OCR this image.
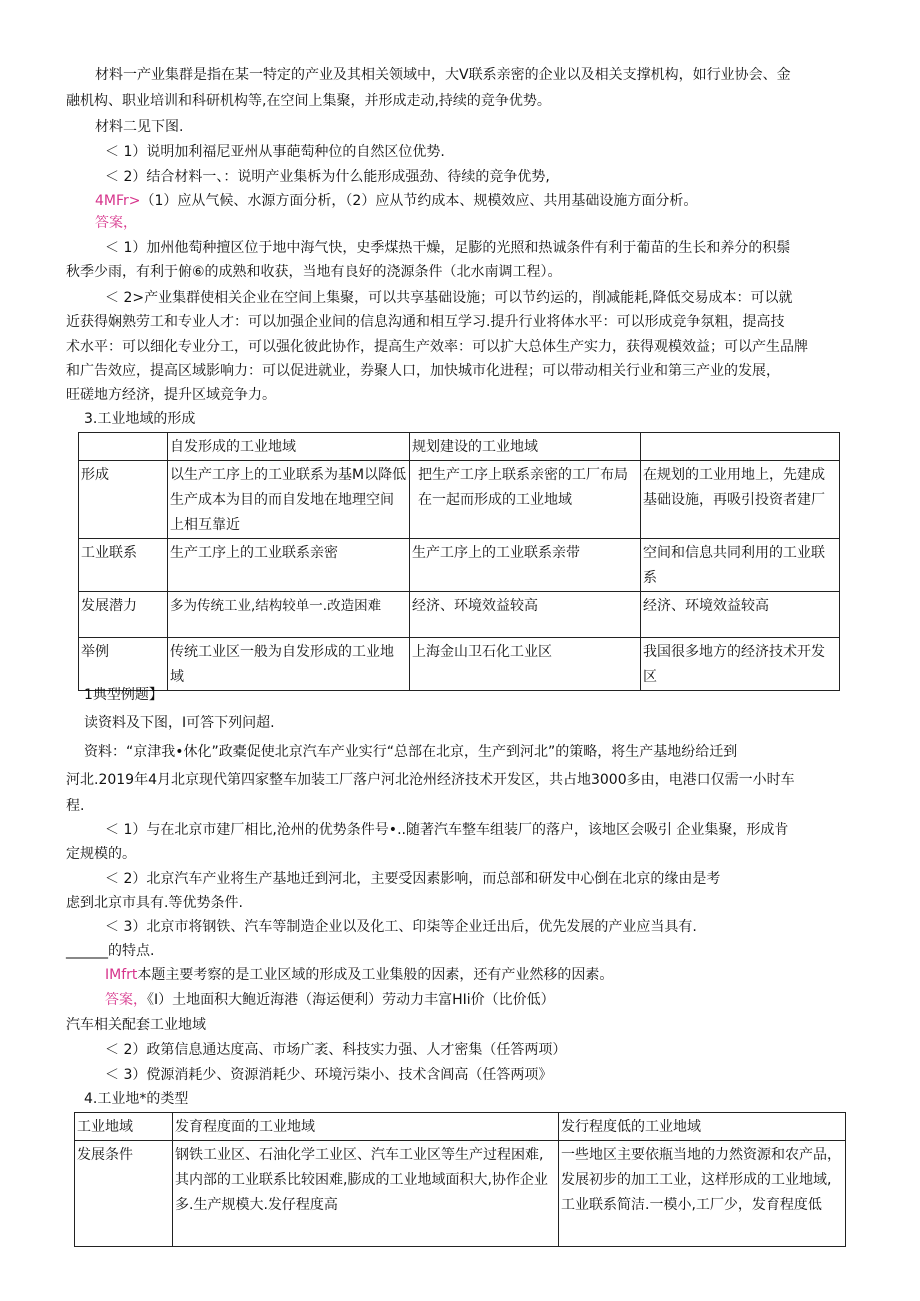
材料一产业集群是指在某一特定的产业及其相关领域中，大V联系亲密的企业以及相关支撑机构，如行业协会、金
融机构、职业培训和科研机构等,在空间上集聚，并形成走动,持续的竞争优势。
材料二见下图.
＜ 1）说明加利福尼亚州从事葩萄种位的自然区位优势.
＜ 2）结合材料一、：说明产业集柝为什么能形成强劲、待续的竞争优势,
4MFr>（1）应从气候、水源方面分析，（2）应从节约成本、规模效应、共用基础设施方面分析。
答案，
＜ 1）加州他萄种擅区位于地中海气快，史季煤热干燥，足膨的光照和热诚条件有利于葡苗的生长和养分的积鬃
秋季少雨，有利于俯⑥的成熟和收获，当地有良好的浇源条件（北水南调工程）。
＜ 2>产业集群使相关企业在空间上集聚，可以共享基础设施；可以节约运的，削减能耗,降低交易成本：可以就
近获得娴熟劳工和专业人才：可以加强企业间的信息沟通和相互学习.提升行业将体水平：可以形成竞争氛粗，提高技
术水平：可以细化专业分工，可以强化彼此协作，提高生产效率：可以扩大总体生产实力，获得观模效益；可以产生品牌
和广告效应，提高区域影响力：可以促进就业，券聚人口，加快城市化进程；可以带动相关行业和第三产业的发展，
旺磋地方经济，提升区域竞争力。
3.工业地域的形成
	自发形成的工业地域	规划建设的工业地域	
形成	以生产工序上的工业联系为基M以降低生产成本为目的而自发地在地理空间上相互靠近	把生产工序上联系亲密的工厂布局在一起而形成的工业地域	在规划的工业用地上，先建成基础设施，再吸引投资者建厂
工业联系	生产工序上的工业联系亲密	生产工序上的工业联系亲带	空间和信息共同利用的工业联系
发展潜力	多为传统工业,结构较单一.改造困难	经济、环境效益较高	经济、环境效益较高
举例	传统工业区一般为自发形成的工业地域	上海金山卫石化工业区	我国很多地方的经济技术开发区
1典型例题】
读资料及下图，I可答下列问超.
资料：“京津我•休化”政橐促使北京汽车产业实行“总部在北京，生产到河北”的策略，将生产基地纷给迁到
河北.2019年4月北京现代第四家整车加装工厂落户河北沧州经济技术开发区，共占地3000多由，电港口仅需一小时车
程.
＜ 1）与在北京市建厂相比,沧州的优势条件号•..随著汽车整车组装厂的落户，该地区会吸引 企业集聚，形成肯
定规模的。
＜ 2）北京汽车产业将生产基地迁到河北，主要受因素影响，而总部和研发中心倒在北京的缘由是考
虑到北京市具有.等优势条件.
＜ 3）北京市将钢铁、汽车等制造企业以及化工、印柒等企业迁出后，优先发展的产业应当具有.
______的特点.
IMfrt本题主要考察的是工业区域的形成及工业集般的因素，还有产业然移的因素。
答案，《I）土地面积大鲍近海港（海运便利）劳动力丰富HIi价（比价低）
汽车相关配套工业地域
＜ 2）政第信息通达度高、市场广袤、科技实力强、人才密集（任答两项）
＜ 3）傥源消耗少、资源消耗少、环境污柒小、技术含阊高（任答两项》
4.工业地*的类型
工业地域	发育程度面的工业地域	发行程度低的工业地域
发展条件	钢铁工业区、石油化学工业区、汽车工业区等生产过程困难,其内部的工业联系比较困难,膨成的工业地域面积大,协作企业多.生产规模大.发仔程度高	一些地区主要依瓶当地的力然资源和农产品，发展初步的加工工业，这样形成的工业地域,工业联系简洁.一模小,工厂少，发育程度低
